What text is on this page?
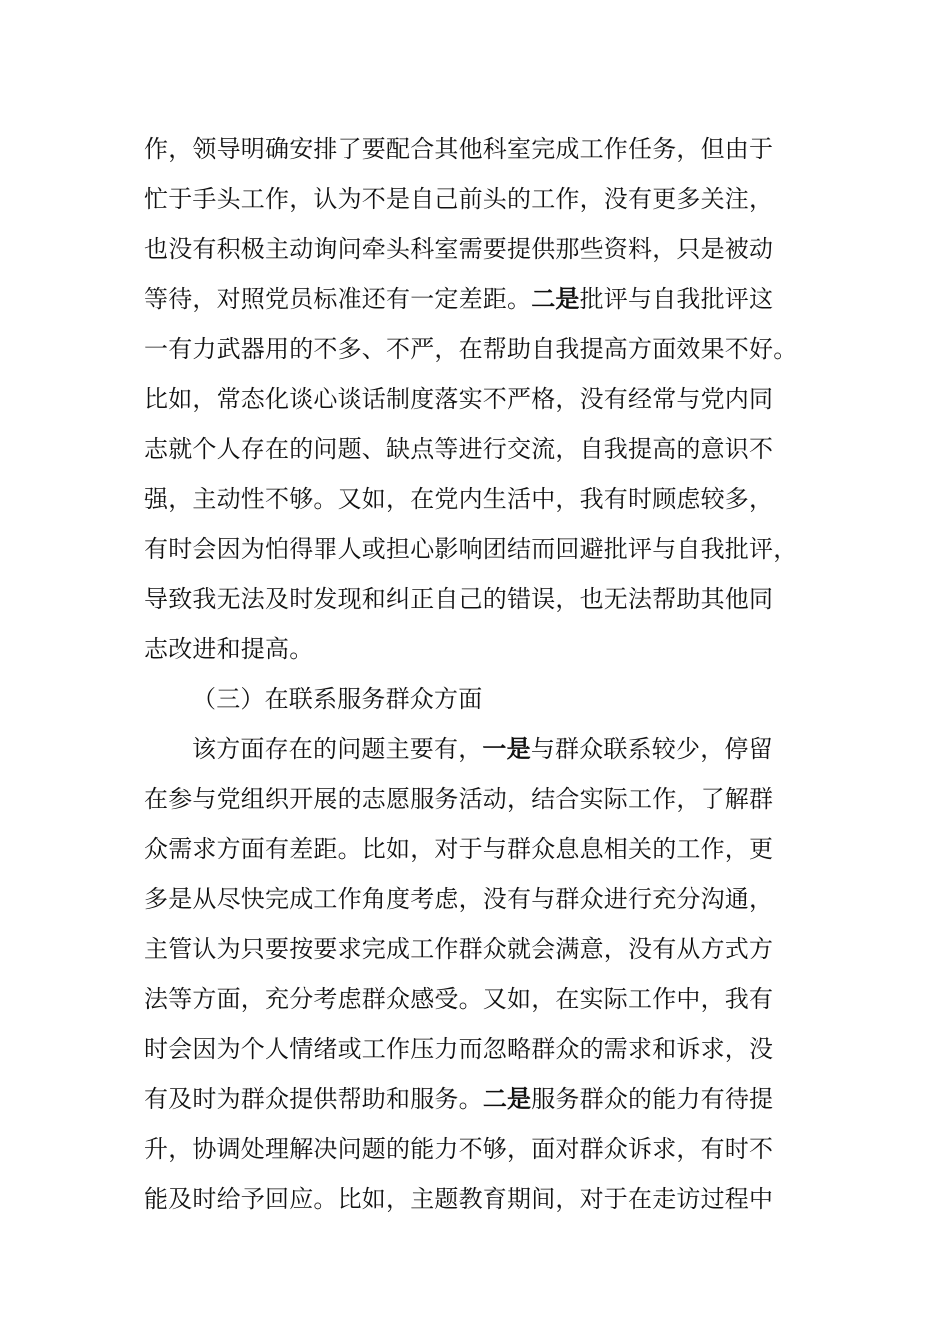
作，领导明确安排了要配合其他科室完成工作任务，但由于
忙于手头工作，认为不是自己前头的工作，没有更多关注，
也没有积极主动询问牵头科室需要提供那些资料，只是被动
等待，对照党员标准还有一定差距。二是批评与自我批评这
一有力武器用的不多、不严，在帮助自我提高方面效果不好。
比如，常态化谈心谈话制度落实不严格，没有经常与党内同
志就个人存在的问题、缺点等进行交流，自我提高的意识不
强，主动性不够。又如，在党内生活中，我有时顾虑较多，
有时会因为怕得罪人或担心影响团结而回避批评与自我批评，
导致我无法及时发现和纠正自己的错误，也无法帮助其他同
志改进和提高。
（三）在联系服务群众方面
该方面存在的问题主要有，一是与群众联系较少，停留
在参与党组织开展的志愿服务活动，结合实际工作，了解群
众需求方面有差距。比如，对于与群众息息相关的工作，更
多是从尽快完成工作角度考虑，没有与群众进行充分沟通，
主管认为只要按要求完成工作群众就会满意，没有从方式方
法等方面，充分考虑群众感受。又如，在实际工作中，我有
时会因为个人情绪或工作压力而忽略群众的需求和诉求，没
有及时为群众提供帮助和服务。二是服务群众的能力有待提
升，协调处理解决问题的能力不够，面对群众诉求，有时不
能及时给予回应。比如，主题教育期间，对于在走访过程中
